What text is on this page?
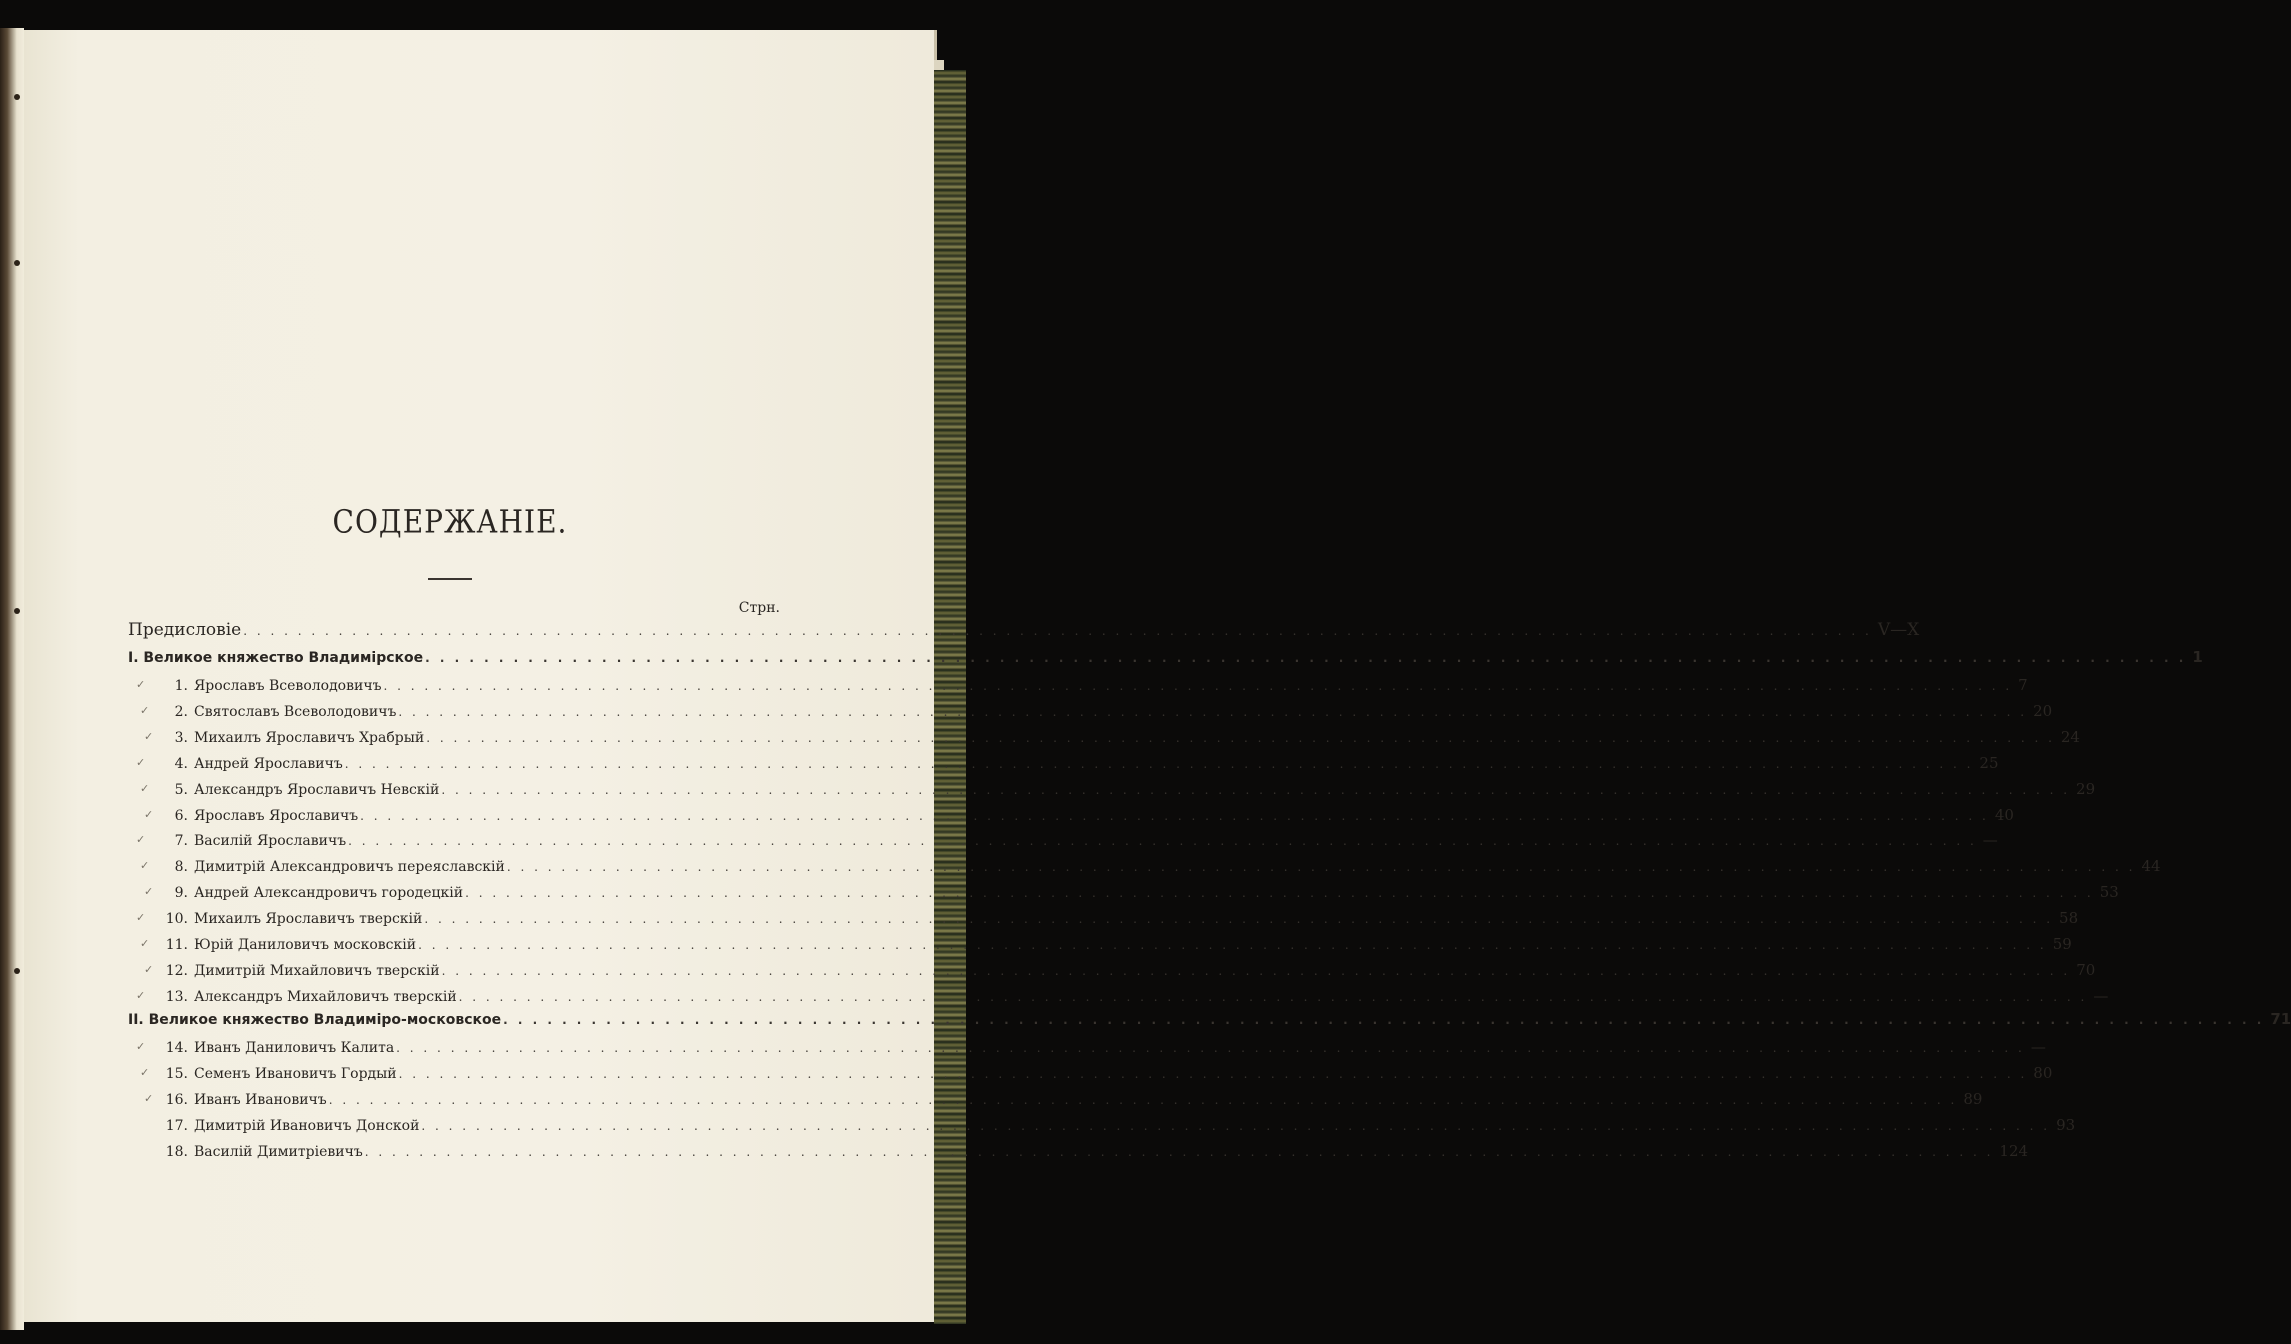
СОДЕРЖАНІЕ.
Стрн.
Предисловіе . . . . . . . . . . . . . . . . . . . . . . . . . . . . . . . . . . . . . . . . . . . . . . . . . . . . . . . . . . . . . . . . . . . . . . . . . . . . . . . . . . . . . . . . . . . . . . . . . . . . . . . . . . . . . . . . . . . . . . . . V—X
I. Великое княжество Владимірское . . . . . . . . . . . . . . . . . . . . . . . . . . . . . . . . . . . . . . . . . . . . . . . . . . . . . . . . . . . . . . . . . . . . . . . . . . . . . . . . . . . . . . . . . . . . . . . . . . . . . . . . . . . . . . . . . . . . . . . . 1
1. Ярославъ Всеволодовичъ . . . . . . . . . . . . . . . . . . . . . . . . . . . . . . . . . . . . . . . . . . . . . . . . . . . . . . . . . . . . . . . . . . . . . . . . . . . . . . . . . . . . . . . . . . . . . . . . . . . . . . . . . . . . . . . . . . . . . . . . 7
✓
2. Святославъ Всеволодовичъ . . . . . . . . . . . . . . . . . . . . . . . . . . . . . . . . . . . . . . . . . . . . . . . . . . . . . . . . . . . . . . . . . . . . . . . . . . . . . . . . . . . . . . . . . . . . . . . . . . . . . . . . . . . . . . . . . . . . . . . . 20
✓
3. Михаилъ Ярославичъ Храбрый . . . . . . . . . . . . . . . . . . . . . . . . . . . . . . . . . . . . . . . . . . . . . . . . . . . . . . . . . . . . . . . . . . . . . . . . . . . . . . . . . . . . . . . . . . . . . . . . . . . . . . . . . . . . . . . . . . . . . . . . 24
✓
4. Андрей Ярославичъ . . . . . . . . . . . . . . . . . . . . . . . . . . . . . . . . . . . . . . . . . . . . . . . . . . . . . . . . . . . . . . . . . . . . . . . . . . . . . . . . . . . . . . . . . . . . . . . . . . . . . . . . . . . . . . . . . . . . . . . . 25
✓
5. Александръ Ярославичъ Невскій . . . . . . . . . . . . . . . . . . . . . . . . . . . . . . . . . . . . . . . . . . . . . . . . . . . . . . . . . . . . . . . . . . . . . . . . . . . . . . . . . . . . . . . . . . . . . . . . . . . . . . . . . . . . . . . . . . . . . . . . 29
✓
6. Ярославъ Ярославичъ . . . . . . . . . . . . . . . . . . . . . . . . . . . . . . . . . . . . . . . . . . . . . . . . . . . . . . . . . . . . . . . . . . . . . . . . . . . . . . . . . . . . . . . . . . . . . . . . . . . . . . . . . . . . . . . . . . . . . . . . 40
✓
7. Василій Ярославичъ . . . . . . . . . . . . . . . . . . . . . . . . . . . . . . . . . . . . . . . . . . . . . . . . . . . . . . . . . . . . . . . . . . . . . . . . . . . . . . . . . . . . . . . . . . . . . . . . . . . . . . . . . . . . . . . . . . . . . . . . —
✓
8. Димитрій Александровичъ переяславскій . . . . . . . . . . . . . . . . . . . . . . . . . . . . . . . . . . . . . . . . . . . . . . . . . . . . . . . . . . . . . . . . . . . . . . . . . . . . . . . . . . . . . . . . . . . . . . . . . . . . . . . . . . . . . . . . . . . . . . . . 44
✓
9. Андрей Александровичъ городецкій . . . . . . . . . . . . . . . . . . . . . . . . . . . . . . . . . . . . . . . . . . . . . . . . . . . . . . . . . . . . . . . . . . . . . . . . . . . . . . . . . . . . . . . . . . . . . . . . . . . . . . . . . . . . . . . . . . . . . . . . 53
✓
10. Михаилъ Ярославичъ тверскій . . . . . . . . . . . . . . . . . . . . . . . . . . . . . . . . . . . . . . . . . . . . . . . . . . . . . . . . . . . . . . . . . . . . . . . . . . . . . . . . . . . . . . . . . . . . . . . . . . . . . . . . . . . . . . . . . . . . . . . . 58
✓
11. Юрій Даниловичъ московскій . . . . . . . . . . . . . . . . . . . . . . . . . . . . . . . . . . . . . . . . . . . . . . . . . . . . . . . . . . . . . . . . . . . . . . . . . . . . . . . . . . . . . . . . . . . . . . . . . . . . . . . . . . . . . . . . . . . . . . . . 59
✓
12. Димитрій Михайловичъ тверскій . . . . . . . . . . . . . . . . . . . . . . . . . . . . . . . . . . . . . . . . . . . . . . . . . . . . . . . . . . . . . . . . . . . . . . . . . . . . . . . . . . . . . . . . . . . . . . . . . . . . . . . . . . . . . . . . . . . . . . . . 70
✓
13. Александръ Михайловичъ тверскій . . . . . . . . . . . . . . . . . . . . . . . . . . . . . . . . . . . . . . . . . . . . . . . . . . . . . . . . . . . . . . . . . . . . . . . . . . . . . . . . . . . . . . . . . . . . . . . . . . . . . . . . . . . . . . . . . . . . . . . . —
✓
II. Великое княжество Владиміро-московское . . . . . . . . . . . . . . . . . . . . . . . . . . . . . . . . . . . . . . . . . . . . . . . . . . . . . . . . . . . . . . . . . . . . . . . . . . . . . . . . . . . . . . . . . . . . . . . . . . . . . . . . . . . . . . . . . . . . . . . . 71
14. Иванъ Даниловичъ Калита . . . . . . . . . . . . . . . . . . . . . . . . . . . . . . . . . . . . . . . . . . . . . . . . . . . . . . . . . . . . . . . . . . . . . . . . . . . . . . . . . . . . . . . . . . . . . . . . . . . . . . . . . . . . . . . . . . . . . . . . —
✓
15. Семенъ Ивановичъ Гордый . . . . . . . . . . . . . . . . . . . . . . . . . . . . . . . . . . . . . . . . . . . . . . . . . . . . . . . . . . . . . . . . . . . . . . . . . . . . . . . . . . . . . . . . . . . . . . . . . . . . . . . . . . . . . . . . . . . . . . . . 80
✓
16. Иванъ Ивановичъ . . . . . . . . . . . . . . . . . . . . . . . . . . . . . . . . . . . . . . . . . . . . . . . . . . . . . . . . . . . . . . . . . . . . . . . . . . . . . . . . . . . . . . . . . . . . . . . . . . . . . . . . . . . . . . . . . . . . . . . . 89
✓
17. Димитрій Ивановичъ Донской . . . . . . . . . . . . . . . . . . . . . . . . . . . . . . . . . . . . . . . . . . . . . . . . . . . . . . . . . . . . . . . . . . . . . . . . . . . . . . . . . . . . . . . . . . . . . . . . . . . . . . . . . . . . . . . . . . . . . . . . 93
18. Василій Димитріевичъ . . . . . . . . . . . . . . . . . . . . . . . . . . . . . . . . . . . . . . . . . . . . . . . . . . . . . . . . . . . . . . . . . . . . . . . . . . . . . . . . . . . . . . . . . . . . . . . . . . . . . . . . . . . . . . . . . . . . . . . . 124
